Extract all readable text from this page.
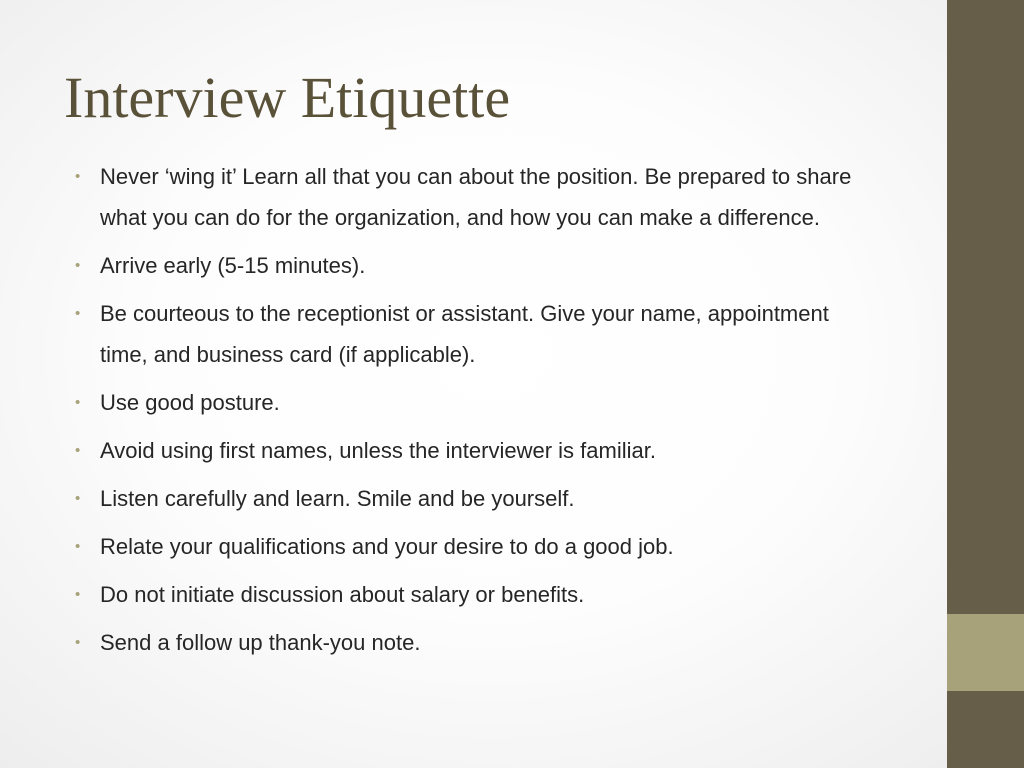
Interview Etiquette
• Never ‘wing it’ Learn all that you can about the position. Be prepared to share what you can do for the organization, and how you can make a difference.
• Arrive early (5-15 minutes).
• Be courteous to the receptionist or assistant. Give your name, appointment time, and business card (if applicable).
• Use good posture.
• Avoid using first names, unless the interviewer is familiar.
• Listen carefully and learn. Smile and be yourself.
• Relate your qualifications and your desire to do a good job.
• Do not initiate discussion about salary or benefits.
• Send a follow up thank-you note.
